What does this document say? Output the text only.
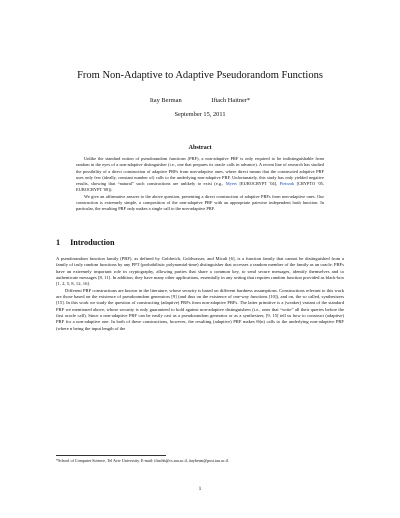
From Non-Adaptive to Adaptive Pseudorandom Functions
Itay Berman	Iftach Haitner*
September 15, 2011
Abstract

Unlike the standard notion of pseudorandom functions (PRF), a non-adaptive PRF is only required to be indistinguishable from random in the eyes of a non-adaptive distinguisher (i.e., one that prepares its oracle calls in advance). A recent line of research has studied the possibility of a direct construction of adaptive PRFs from non-adaptive ones, where direct means that the constructed adaptive PRF uses only few (ideally, constant number of) calls to the underlying non-adaptive PRF. Unfortunately, this study has only yielded negative results, showing that “natural” such constructions are unlikely to exist (e.g., Myers [EUROCRYPT '04], Pietrzak [CRYPTO '05, EUROCRYPT '08]).

We give an affirmative answer to the above question, presenting a direct construction of adaptive PRFs from non-adaptive ones. Our construction is extremely simple, a composition of the non-adaptive PRF with an appropriate pairwise independent hash function. In particular, the resulting PRF only makes a single call to the non-adaptive PRF.

1 Introduction

A pseudorandom function family (PRF), as defined by Goldreich, Goldwasser, and Micali [6], is a function family that cannot be distinguished from a family of truly random functions by any PPT (probabilistic polynomial-time) distinguisher that accesses a random member of the family as an oracle. PRFs have an extremely important role in cryptography, allowing parties that share a common key, to send secure messages, identify themselves and to authenticate messages [8, 11]. In addition, they have many other applications, essentially in any setting that requires random function provided as black-box [1, 2, 5, 8, 12, 16].

Different PRF constructions are known in the literature, whose security is based on different hardness assumptions. Constructions relevant to this work are those based on the existence of pseudorandom generators [9] (and thus on the existence of one-way functions [10]), and on, the so called, synthesizers [15]. In this work we study the question of constructing (adaptive) PRFs from non-adaptive PRFs. The latter primitive is a (weaker) variant of the standard PRF we mentioned above, whose security is only guaranteed to hold against non-adaptive distinguishers (i.e., ones that “write” all their queries before the first oracle call). Since a non-adaptive PRF can be easily cast as a pseudorandom generator or as a synthesizer, [9, 15] tell us how to construct (adaptive) PRF for a non-adaptive one. In both of these constructions, however, the resulting (adaptive) PRF makes Θ(n) calls to the underlying non-adaptive PRF (where n being the input length of the

*School of Computer Science, Tel Aviv University. E-mail: iftachh@cs.tau.ac.il, itayberm@post.tau.ac.il.
1
